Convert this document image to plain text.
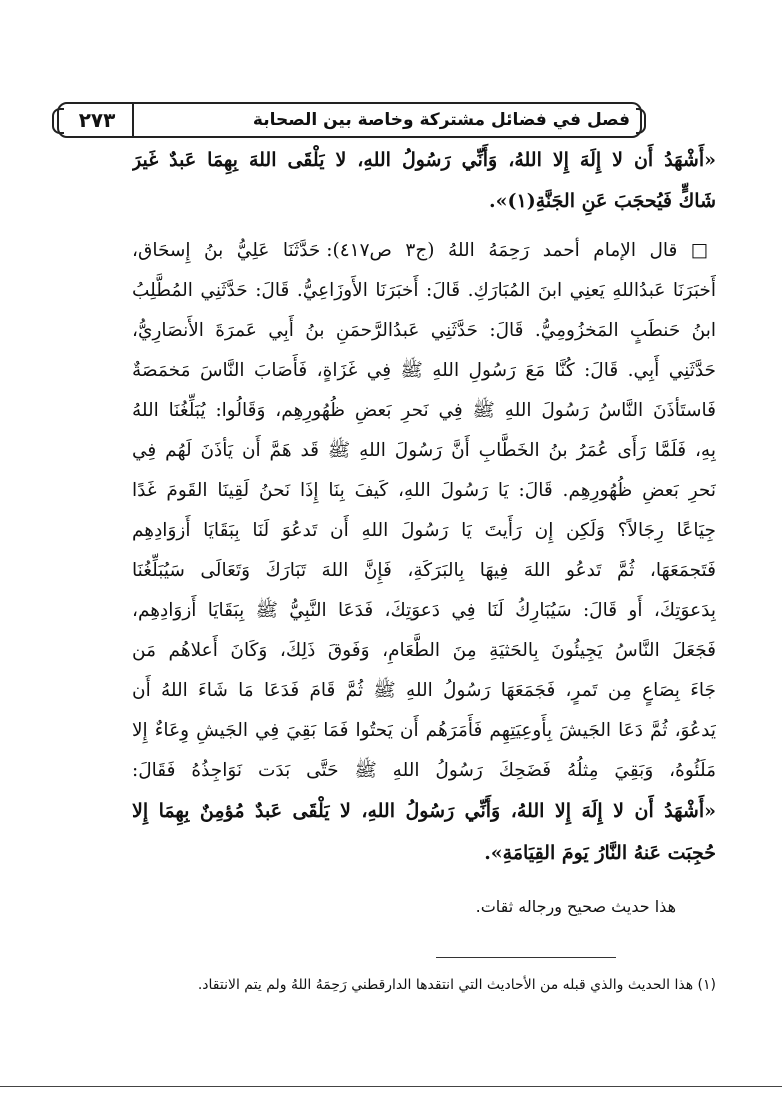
٢٧٣	فصل في فضائل مشتركة وخاصة بين الصحابة
«أَشْهَدُ أَن لا إِلَهَ إِلا اللهُ، وَأَنِّي رَسُولُ اللهِ، لا يَلْقَى اللهَ بِهِمَا عَبدٌ غَيرَ
شَاكٍّ فَيُحجَبَ عَنِ الجَنَّةِ(١)».
□ قال الإمام أحمد رَحِمَهُ اللهُ (ج٣ ص٤١٧): حَدَّثَنَا عَلِيُّ بنُ إِسحَاق،
أَخبَرَنَا عَبدُاللهِ يَعنِي ابنَ المُبَارَكِ. قَالَ: أَخبَرَنَا الأَوزَاعِيُّ. قَالَ: حَدَّثَنِي المُطَّلِبُ
ابنُ حَنطَبٍ المَخزُومِيُّ. قَالَ: حَدَّثَنِي عَبدُالرَّحمَنِ بنُ أَبِي عَمرَةَ الأَنصَارِيُّ،
حَدَّثَنِي أَبِي. قَالَ: كُنَّا مَعَ رَسُولِ اللهِ ﷺ فِي غَزَاةٍ، فَأَصَابَ النَّاسَ مَخمَصَةٌ
فَاستَأذَنَ النَّاسُ رَسُولَ اللهِ ﷺ فِي نَحرِ بَعضِ ظُهُورِهِم، وَقَالُوا: يُبَلِّغُنَا اللهُ
بِهِ، فَلَمَّا رَأَى عُمَرُ بنُ الخَطَّابِ أَنَّ رَسُولَ اللهِ ﷺ قَد هَمَّ أَن يَأذَنَ لَهُم فِي
نَحرِ بَعضِ ظُهُورِهِم. قَالَ: يَا رَسُولَ اللهِ، كَيفَ بِنَا إِذَا نَحنُ لَقِينَا القَومَ غَدًا
جِيَاعًا رِجَالاً؟ وَلَكِن إِن رَأَيتَ يَا رَسُولَ اللهِ أَن تَدعُوَ لَنَا بِبَقَايَا أَزوَادِهِم
فَتَجمَعَهَا، ثُمَّ تَدعُو اللهَ فِيهَا بِالبَرَكَةِ، فَإِنَّ اللهَ تَبَارَكَ وَتَعَالَى سَيُبَلِّغُنَا
بِدَعوَتِكَ، أَو قَالَ: سَيُبَارِكُ لَنَا فِي دَعوَتِكَ، فَدَعَا النَّبِيُّ ﷺ بِبَقَايَا أَزوَادِهِم،
فَجَعَلَ النَّاسُ يَجِيئُونَ بِالحَثيَةِ مِنَ الطَّعَامِ، وَفَوقَ ذَلِكَ، وَكَانَ أَعلاهُم مَن
جَاءَ بِصَاعٍ مِن تَمرٍ، فَجَمَعَهَا رَسُولُ اللهِ ﷺ ثُمَّ قَامَ فَدَعَا مَا شَاءَ اللهُ أَن
يَدعُوَ، ثُمَّ دَعَا الجَيشَ بِأَوعِيَتِهِم فَأَمَرَهُم أَن يَحتُوا فَمَا بَقِيَ فِي الجَيشِ وِعَاءٌ إِلا
مَلَئُوهُ، وَبَقِيَ مِثلُهُ فَضَحِكَ رَسُولُ اللهِ ﷺ حَتَّى بَدَت نَوَاجِذُهُ فَقَالَ:
«أَشْهَدُ أَن لا إِلَهَ إِلا اللهُ، وَأَنِّي رَسُولُ اللهِ، لا يَلْقَى عَبدٌ مُؤمِنٌ بِهِمَا إِلا
حُجِبَت عَنهُ النَّارُ يَومَ القِيَامَةِ».
هذا حديث صحيح ورجاله ثقات.
(١) هذا الحديث والذي قبله من الأحاديث التي انتقدها الدارقطني رَحِمَهُ اللهُ ولم يتم الانتقاد.
